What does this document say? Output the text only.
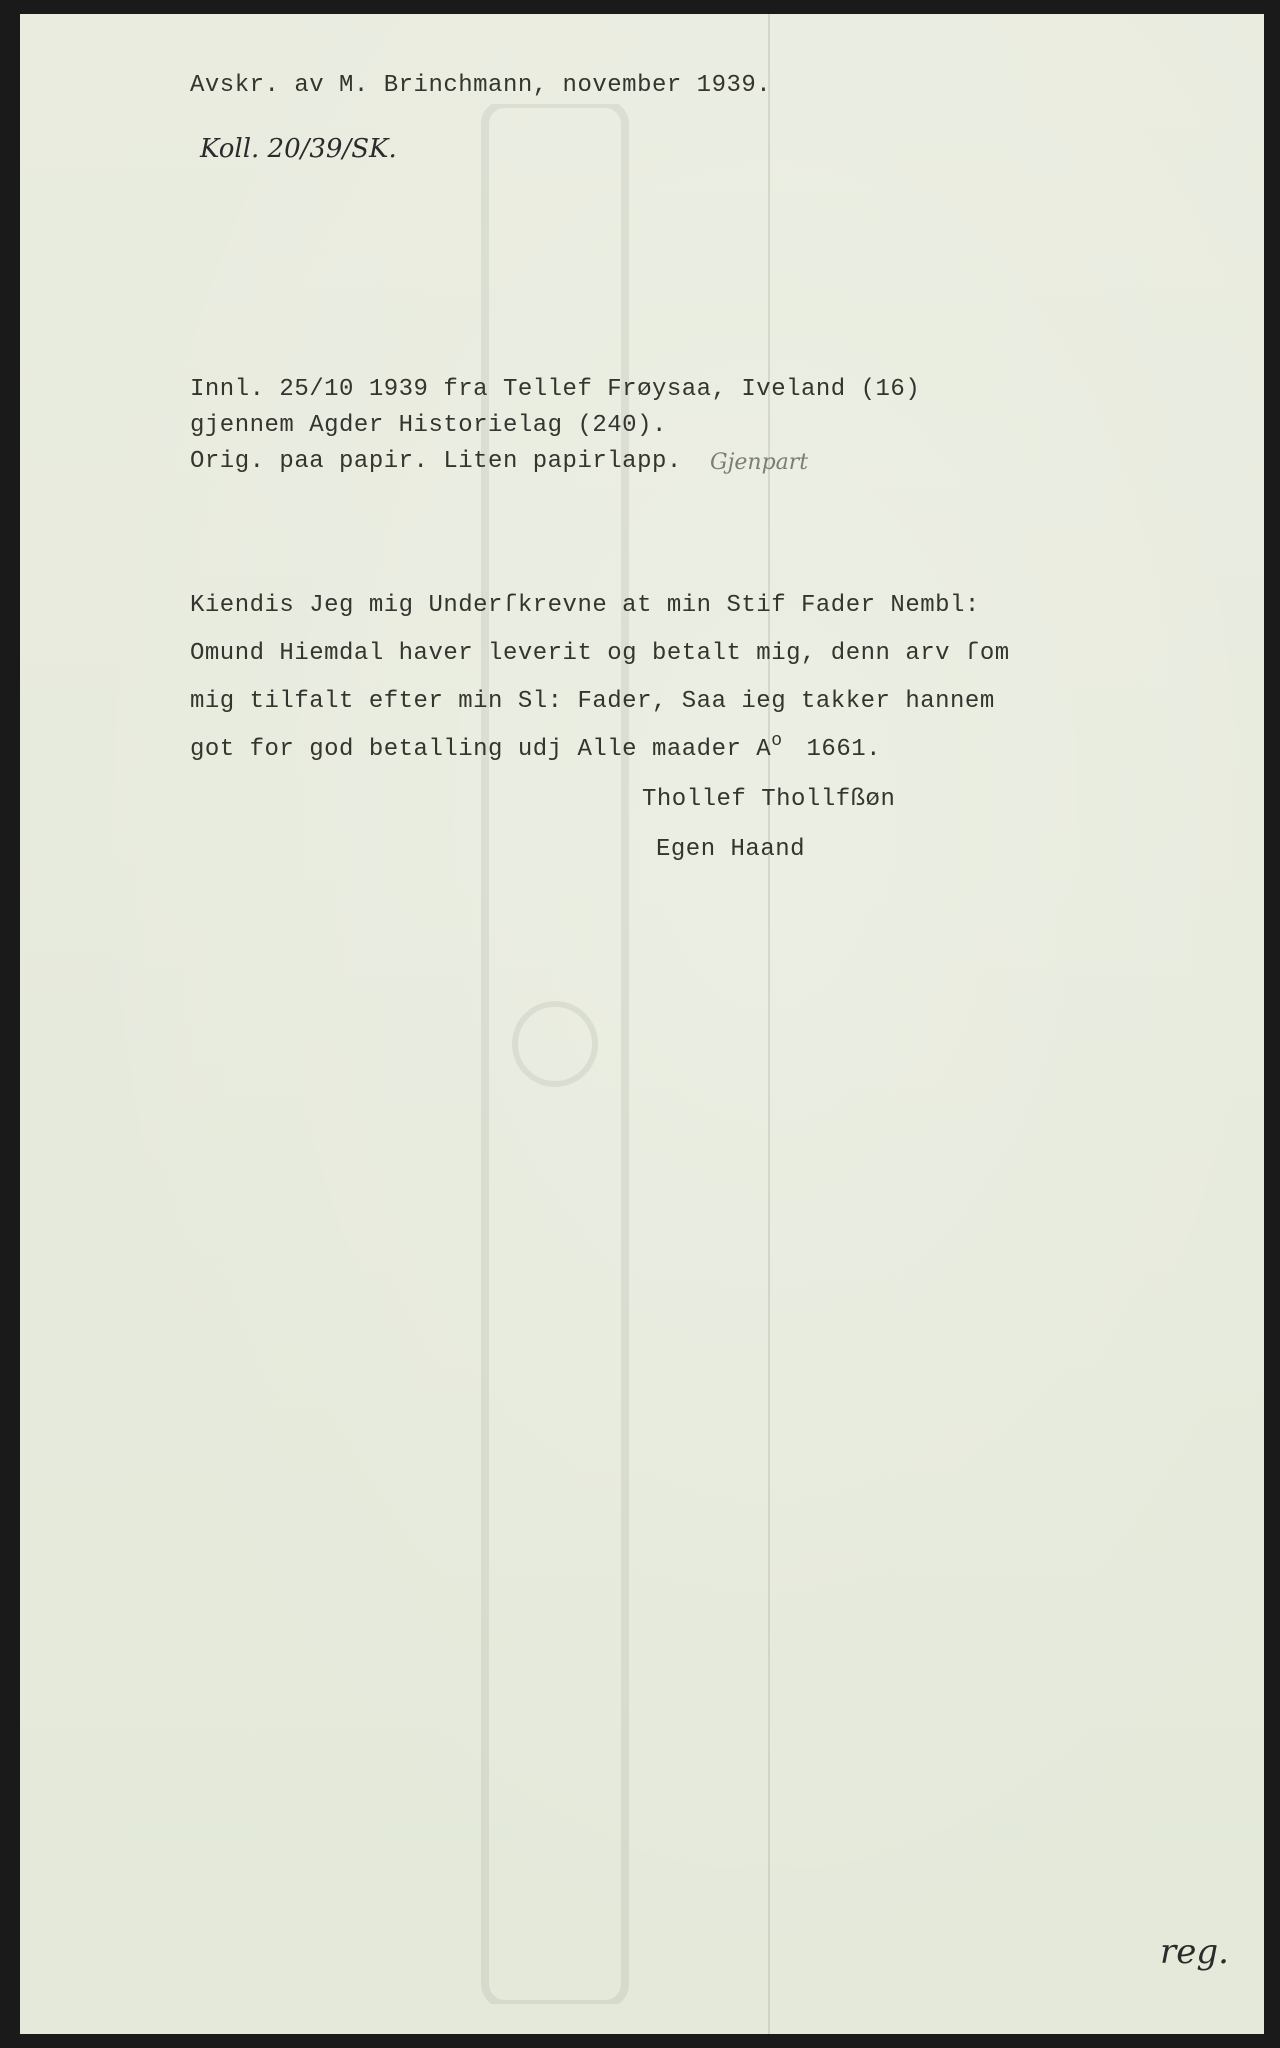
Avskr. av M. Brinchmann, november 1939.

Koll. 20/39/SK.

Innl. 25/10 1939 fra Tellef Frøysaa, Iveland (16)

gjennem Agder Historielag (240).

Orig. paa papir. Liten papirlapp. Gjenpart

Kiendis Jeg mig Underſkrevne at min Stif Fader Nembl:

Omund Hiemdal haver leverit og betalt mig, denn arv ſom

mig tilfalt efter min Sl: Fader, Saa ieg takker hannem

got for god betalling udj Alle maader $A^o$ 1661.

Thollef Thollfßøn

Egen Haand

reg.
